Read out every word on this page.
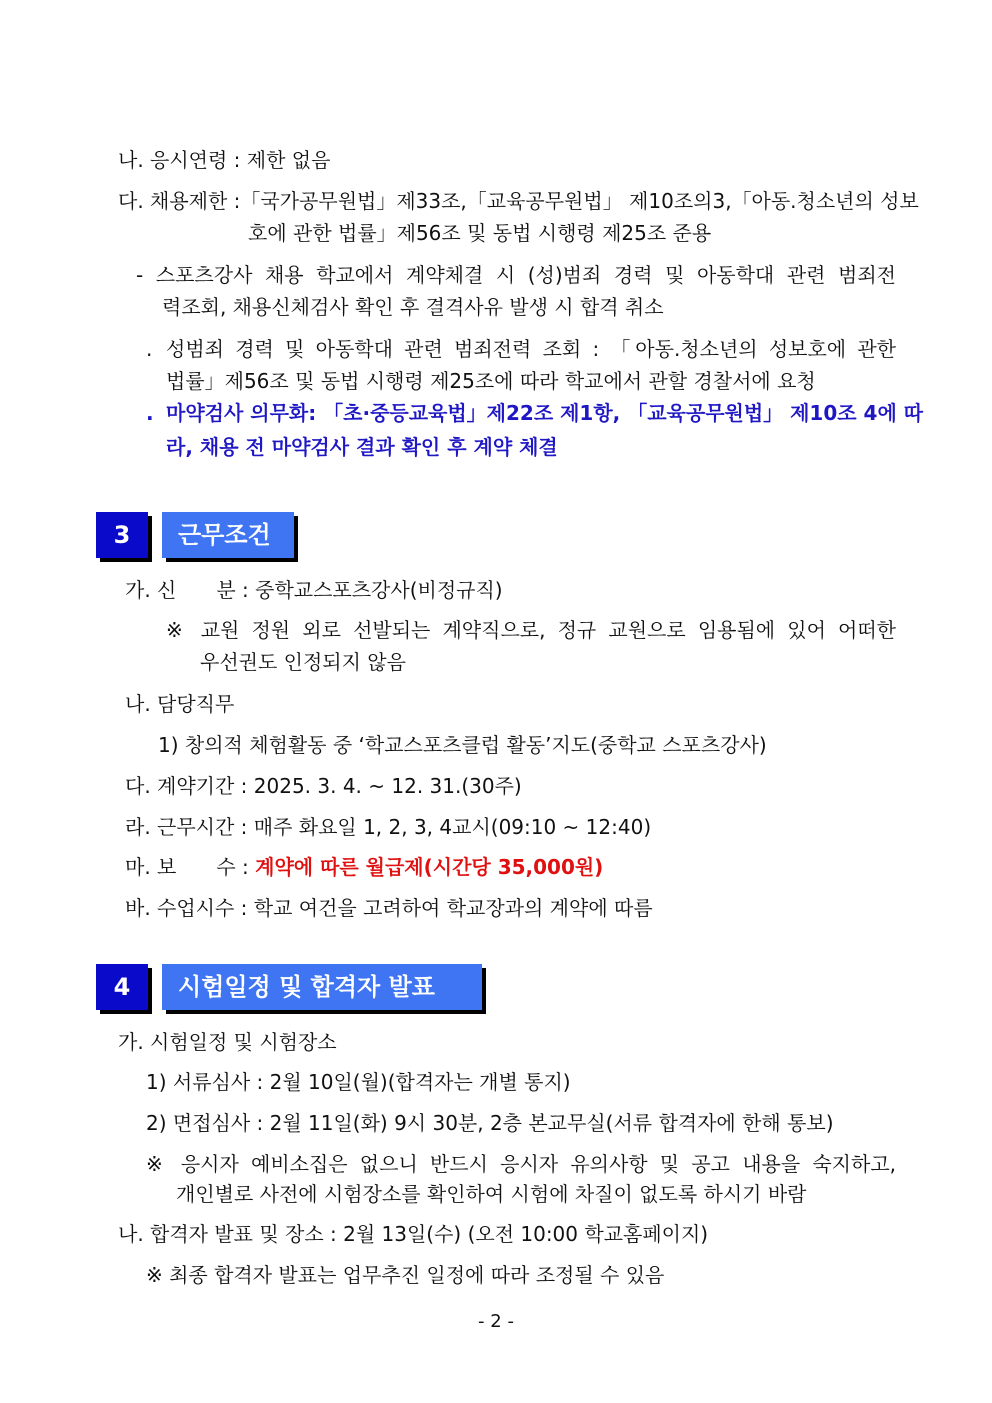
나. 응시연령 : 제한 없음
다. 채용제한 :「국가공무원법」제33조,「교육공무원법」 제10조의3,「아동.청소년의 성보
호에 관한 법률」제56조 및 동법 시행령 제25조 준용
- 스포츠강사 채용 학교에서 계약체결 시 (성)범죄 경력 및 아동학대 관련 범죄전
력조회, 채용신체검사 확인 후 결격사유 발생 시 합격 취소
. 성범죄 경력 및 아동학대 관련 범죄전력 조회 : 「아동.청소년의 성보호에 관한
법률」제56조 및 동법 시행령 제25조에 따라 학교에서 관할 경찰서에 요청
. 마약검사 의무화: 「초·중등교육법」제22조 제1항, 「교육공무원법」 제10조 4에 따
라, 채용 전 마약검사 결과 확인 후 계약 체결
3	근무조건
가. 신　　분 : 중학교스포츠강사(비정규직)
※ 교원 정원 외로 선발되는 계약직으로, 정규 교원으로 임용됨에 있어 어떠한
우선권도 인정되지 않음
나. 담당직무
1) 창의적 체험활동 중 ‘학교스포츠클럽 활동’지도(중학교 스포츠강사)
다. 계약기간 : 2025. 3. 4. ~ 12. 31.(30주)
라. 근무시간 : 매주 화요일 1, 2, 3, 4교시(09:10 ~ 12:40)
마. 보　　수 : 계약에 따른 월급제(시간당 35,000원)
바. 수업시수 : 학교 여건을 고려하여 학교장과의 계약에 따름
4	시험일정 및 합격자 발표
가. 시험일정 및 시험장소
1) 서류심사 : 2월 10일(월)(합격자는 개별 통지)
2) 면접심사 : 2월 11일(화) 9시 30분, 2층 본교무실(서류 합격자에 한해 통보)
※ 응시자 예비소집은 없으니 반드시 응시자 유의사항 및 공고 내용을 숙지하고,
개인별로 사전에 시험장소를 확인하여 시험에 차질이 없도록 하시기 바람
나. 합격자 발표 및 장소 : 2월 13일(수) (오전 10:00 학교홈페이지)
※ 최종 합격자 발표는 업무추진 일정에 따라 조정될 수 있음
- 2 -
